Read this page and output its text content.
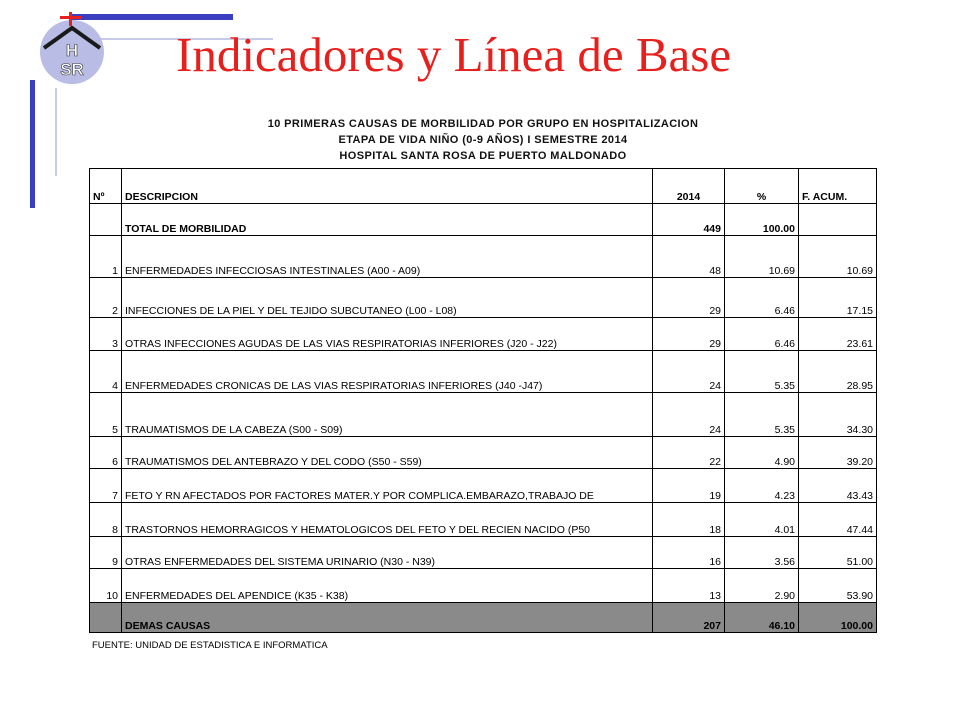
H
SR Indicadores y Línea de Base
10 PRIMERAS CAUSAS DE MORBILIDAD POR GRUPO EN HOSPITALIZACION
ETAPA DE VIDA NIÑO (0-9 AÑOS) I SEMESTRE 2014
HOSPITAL SANTA ROSA DE PUERTO MALDONADO
Nº	DESCRIPCION	2014	%	F. ACUM.
	TOTAL DE MORBILIDAD	449	100.00	
1	ENFERMEDADES INFECCIOSAS INTESTINALES (A00 - A09)	48	10.69	10.69
2	INFECCIONES DE LA PIEL Y DEL TEJIDO SUBCUTANEO (L00 - L08)	29	6.46	17.15
3	OTRAS INFECCIONES AGUDAS DE LAS VIAS RESPIRATORIAS INFERIORES (J20 - J22)	29	6.46	23.61
4	ENFERMEDADES CRONICAS DE LAS VIAS RESPIRATORIAS INFERIORES (J40 -J47)	24	5.35	28.95
5	TRAUMATISMOS DE LA CABEZA (S00 - S09)	24	5.35	34.30
6	TRAUMATISMOS DEL ANTEBRAZO Y DEL CODO (S50 - S59)	22	4.90	39.20
7	FETO Y RN AFECTADOS POR FACTORES MATER.Y POR COMPLICA.EMBARAZO,TRABAJO DE	19	4.23	43.43
8	TRASTORNOS HEMORRAGICOS Y HEMATOLOGICOS DEL FETO Y DEL RECIEN NACIDO (P50	18	4.01	47.44
9	OTRAS ENFERMEDADES DEL SISTEMA URINARIO (N30 - N39)	16	3.56	51.00
10	ENFERMEDADES DEL APENDICE (K35 - K38)	13	2.90	53.90
	DEMAS CAUSAS	207	46.10	100.00
FUENTE: UNIDAD DE ESTADISTICA E INFORMATICA
